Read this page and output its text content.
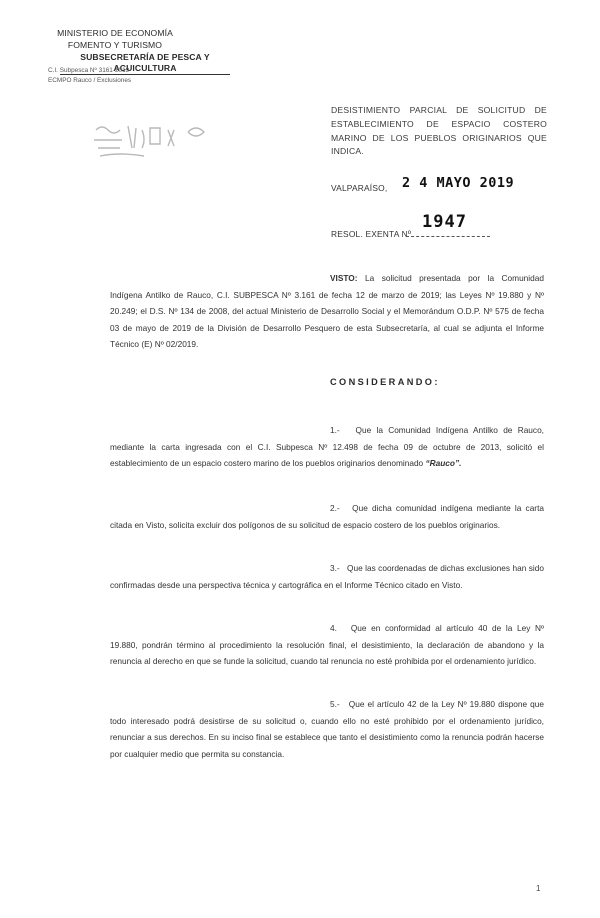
MINISTERIO DE ECONOMÍA
FOMENTO Y TURISMO
SUBSECRETARÍA DE PESCA Y ACUICULTURA
C.I. Subpesca Nº 3161-2019
ECMPO Rauco / Exclusiones
DESISTIMIENTO PARCIAL DE SOLICITUD DE ESTABLECIMIENTO DE ESPACIO COSTERO MARINO DE LOS PUEBLOS ORIGINARIOS QUE INDICA.
VALPARAÍSO, 2 4 MAYO 2019
RESOL. EXENTA Nº
1947
VISTO: La solicitud presentada por la Comunidad Indígena Antilko de Rauco, C.I. SUBPESCA Nº 3.161 de fecha 12 de marzo de 2019; las Leyes Nº 19.880 y Nº 20.249; el D.S. Nº 134 de 2008, del actual Ministerio de Desarrollo Social y el Memorándum O.D.P. Nº 575 de fecha 03 de mayo de 2019 de la División de Desarrollo Pesquero de esta Subsecretaría, al cual se adjunta el Informe Técnico (E) Nº 02/2019.
CONSIDERANDO:
1.- Que la Comunidad Indígena Antilko de Rauco, mediante la carta ingresada con el C.I. Subpesca Nº 12.498 de fecha 09 de octubre de 2013, solicitó el establecimiento de un espacio costero marino de los pueblos originarios denominado “Rauco”.
2.- Que dicha comunidad indígena mediante la carta citada en Visto, solicita excluir dos polígonos de su solicitud de espacio costero de los pueblos originarios.
3.- Que las coordenadas de dichas exclusiones han sido confirmadas desde una perspectiva técnica y cartográfica en el Informe Técnico citado en Visto.
4. Que en conformidad al artículo 40 de la Ley Nº 19.880, pondrán término al procedimiento la resolución final, el desistimiento, la declaración de abandono y la renuncia al derecho en que se funde la solicitud, cuando tal renuncia no esté prohibida por el ordenamiento jurídico.
5.- Que el artículo 42 de la Ley Nº 19.880 dispone que todo interesado podrá desistirse de su solicitud o, cuando ello no esté prohibido por el ordenamiento jurídico, renunciar a sus derechos. En su inciso final se establece que tanto el desistimiento como la renuncia podrán hacerse por cualquier medio que permita su constancia.
1
